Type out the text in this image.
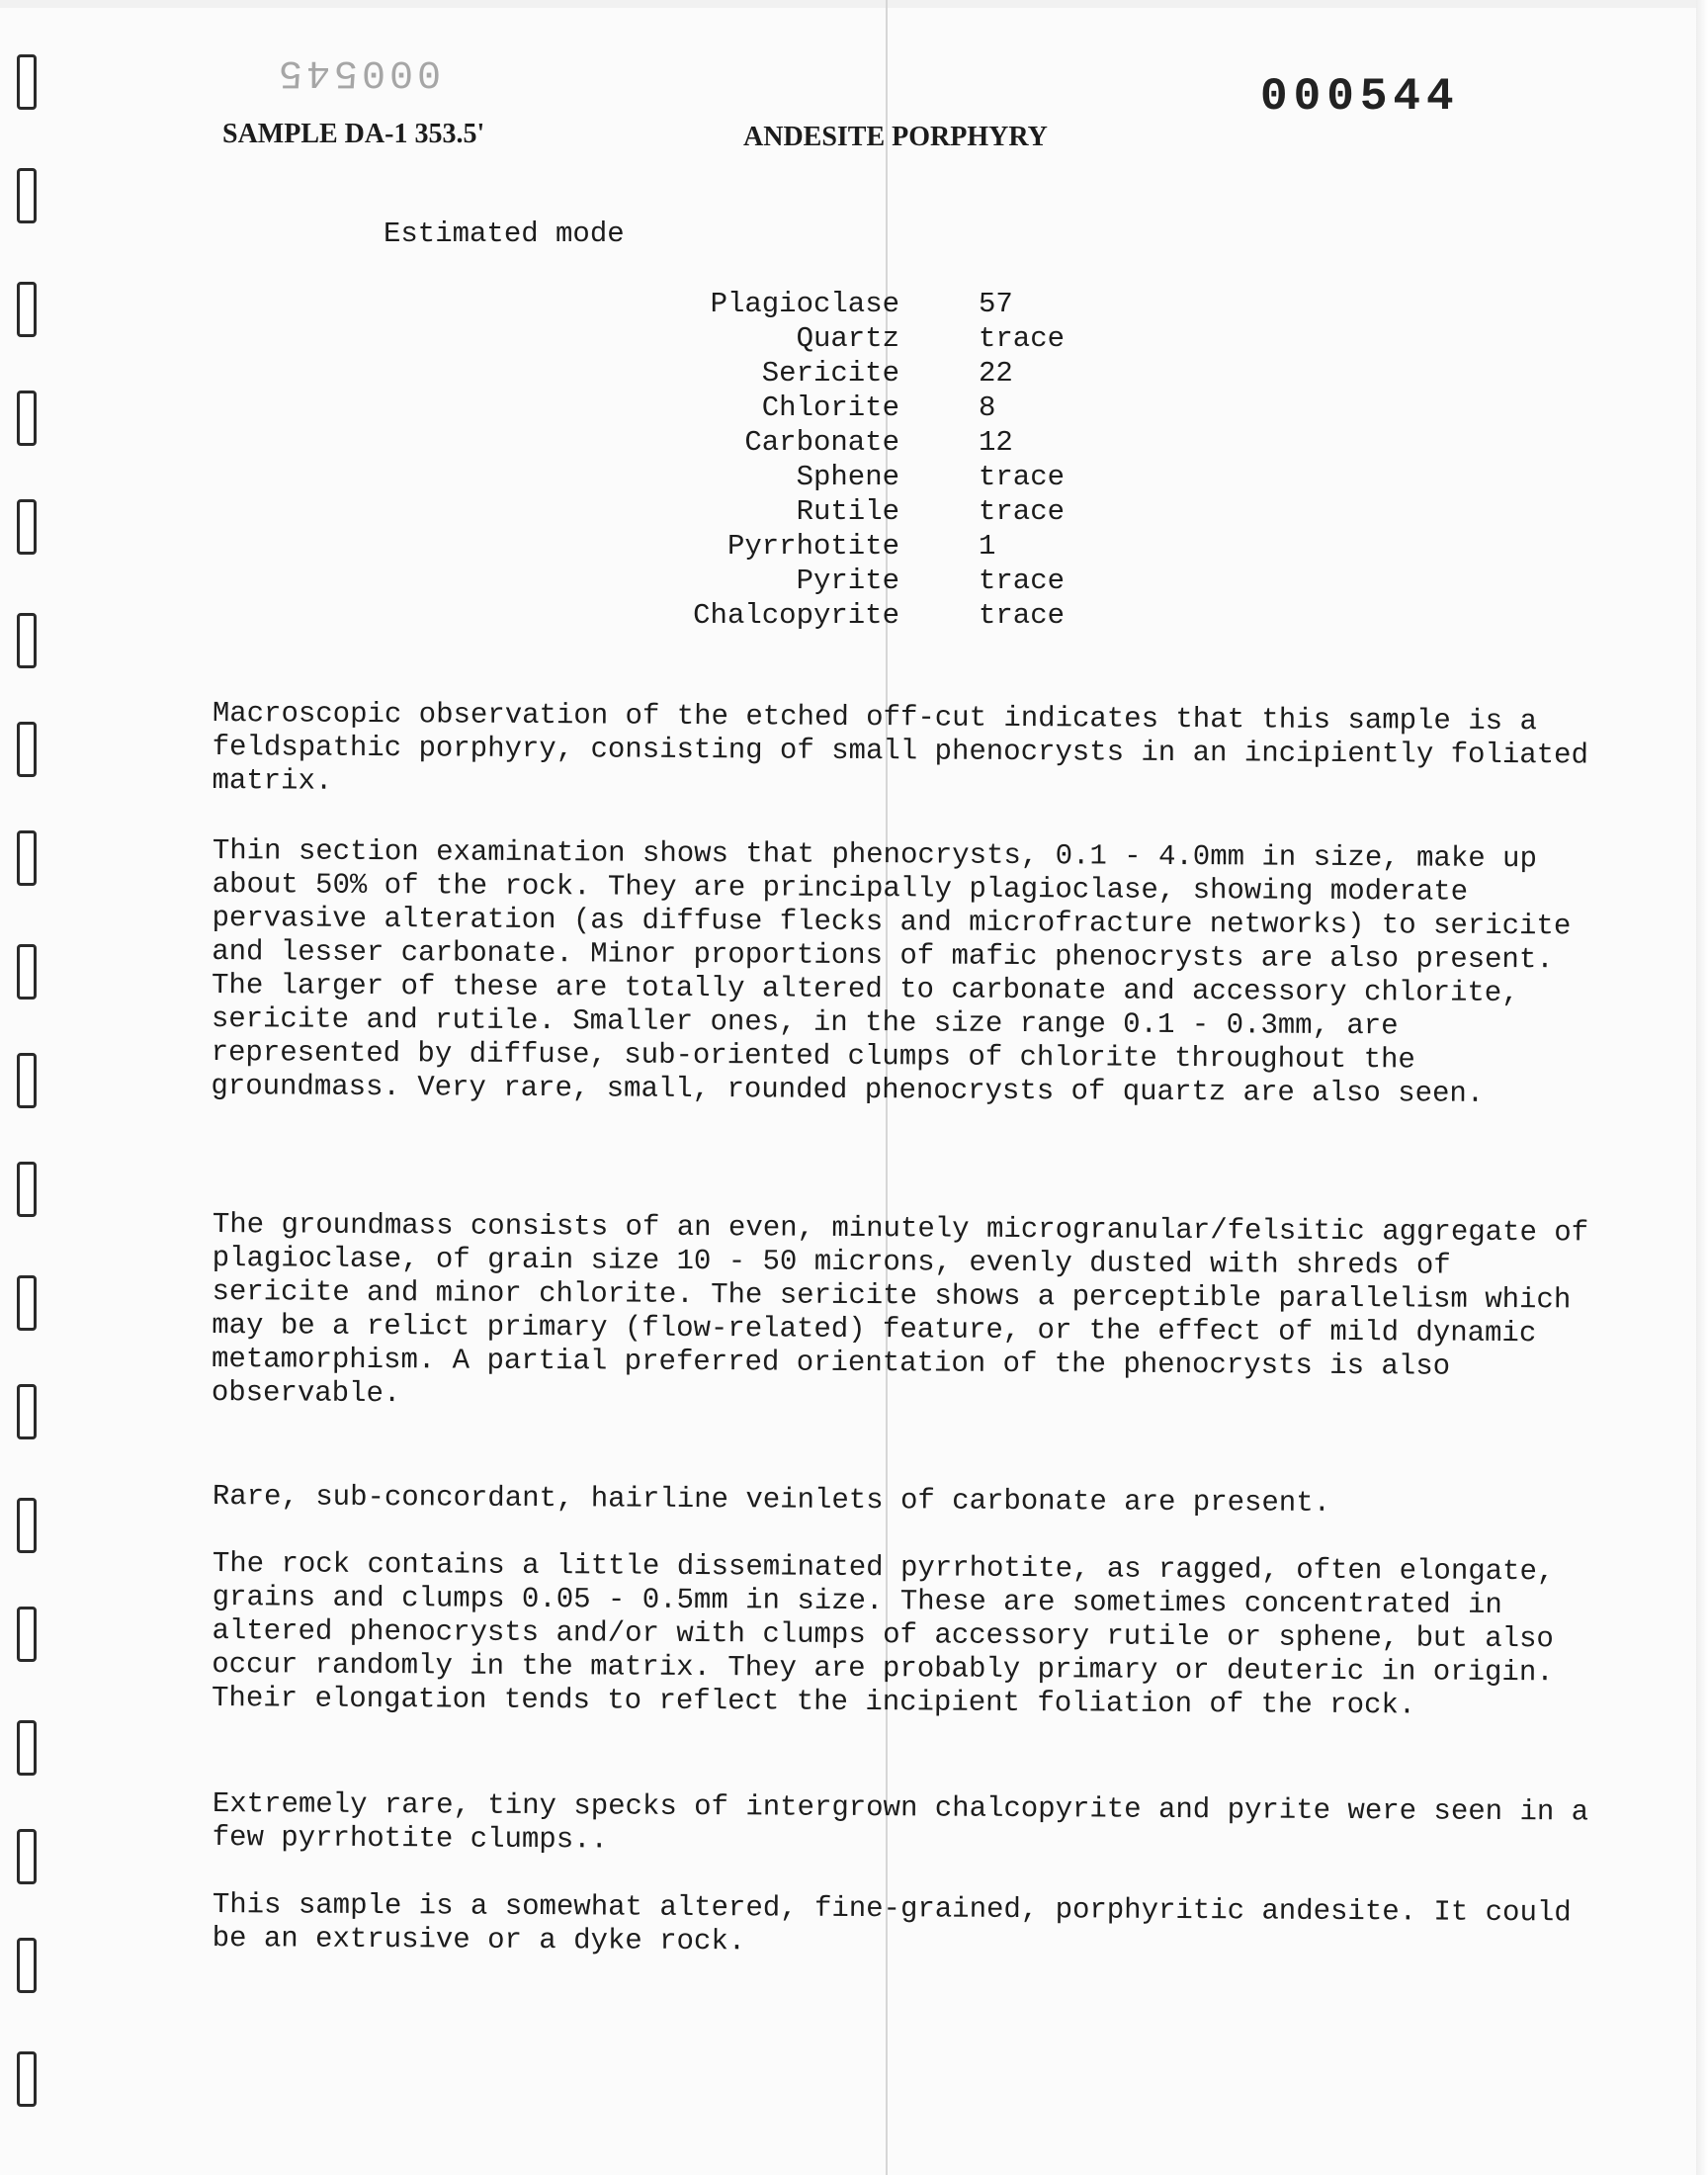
000545	000544
SAMPLE DA-1 353.5'	ANDESITE PORPHYRY
Estimated mode
Plagioclase	57
Quartz	trace
Sericite	22
Chlorite	8
Carbonate	12
Sphene	trace
Rutile	trace
Pyrrhotite	1
Pyrite	trace
Chalcopyrite	trace

Macroscopic observation of the etched off-cut indicates that this sample is a feldspathic porphyry, consisting of small phenocrysts in an incipiently foliated matrix.

Thin section examination shows that phenocrysts, 0.1 - 4.0mm in size, make up about 50% of the rock. They are principally plagioclase, showing moderate pervasive alteration (as diffuse flecks and microfracture networks) to sericite and lesser carbonate. Minor proportions of mafic phenocrysts are also present. The larger of these are totally altered to carbonate and accessory chlorite, sericite and rutile. Smaller ones, in the size range 0.1 - 0.3mm, are represented by diffuse, sub-oriented clumps of chlorite throughout the groundmass. Very rare, small, rounded phenocrysts of quartz are also seen.

The groundmass consists of an even, minutely microgranular/felsitic aggregate of plagioclase, of grain size 10 - 50 microns, evenly dusted with shreds of sericite and minor chlorite. The sericite shows a perceptible parallelism which may be a relict primary (flow-related) feature, or the effect of mild dynamic metamorphism. A partial preferred orientation of the phenocrysts is also observable.

Rare, sub-concordant, hairline veinlets of carbonate are present.

The rock contains a little disseminated pyrrhotite, as ragged, often elongate, grains and clumps 0.05 - 0.5mm in size. These are sometimes concentrated in altered phenocrysts and/or with clumps of accessory rutile or sphene, but also occur randomly in the matrix. They are probably primary or deuteric in origin. Their elongation tends to reflect the incipient foliation of the rock.

Extremely rare, tiny specks of intergrown chalcopyrite and pyrite were seen in a few pyrrhotite clumps..

This sample is a somewhat altered, fine-grained, porphyritic andesite. It could be an extrusive or a dyke rock.
